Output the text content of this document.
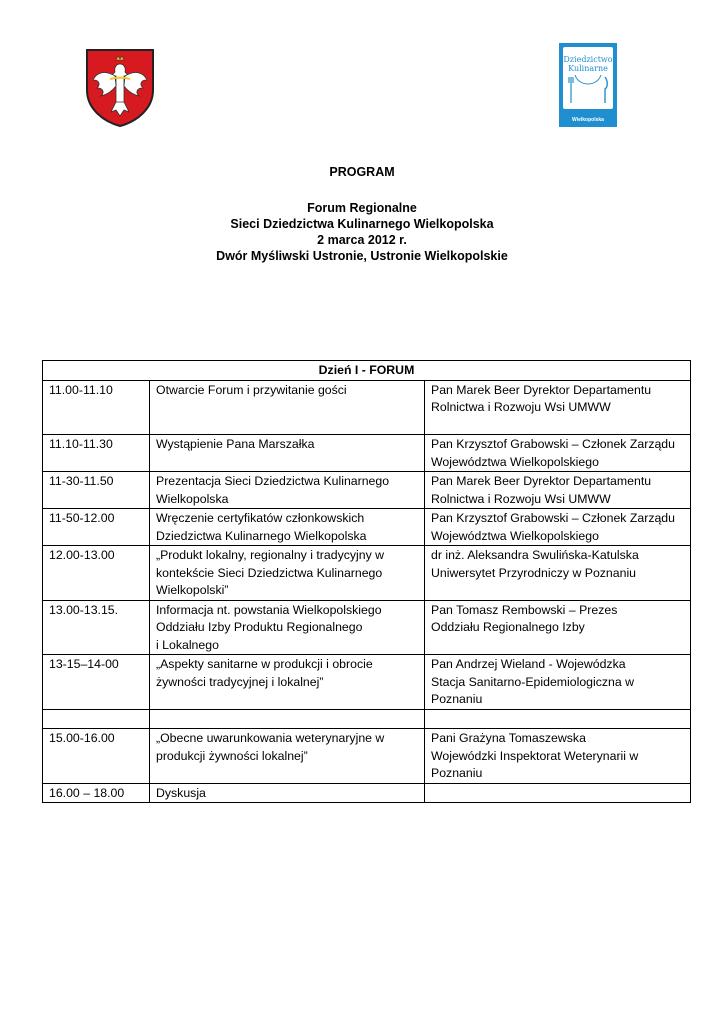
Dziedzictwo
Kulinarne
Wielkopolska
PROGRAM
Forum Regionalne
Sieci Dziedzictwa Kulinarnego Wielkopolska
2 marca 2012 r.
Dwór Myśliwski Ustronie, Ustronie Wielkopolskie
Dzień I - FORUM		

11.00-11.10	Otwarcie Forum i przywitanie gości	Pan Marek Beer Dyrektor Departamentu
Rolnictwa i Rozwoju Wsi UMWW

11.10-11.30	Wystąpienie Pana Marszałka	Pan Krzysztof Grabowski – Członek Zarządu
Województwa Wielkopolskiego

11-30-11.50	Prezentacja Sieci Dziedzictwa Kulinarnego
Wielkopolska	Pan Marek Beer Dyrektor Departamentu
Rolnictwa i Rozwoju Wsi UMWW

11-50-12.00	Wręczenie certyfikatów członkowskich
Dziedzictwa Kulinarnego Wielkopolska	Pan Krzysztof Grabowski – Członek Zarządu
Województwa Wielkopolskiego

12.00-13.00	„Produkt lokalny, regionalny i tradycyjny w
kontekście Sieci Dziedzictwa Kulinarnego
Wielkopolski”	dr inż. Aleksandra Swulińska-Katulska
Uniwersytet Przyrodniczy w Poznaniu

13.00-13.15.	Informacja nt. powstania Wielkopolskiego
Oddziału Izby Produktu Regionalnego
i Lokalnego	Pan Tomasz Rembowski – Prezes
Oddziału Regionalnego Izby

13-15–14-00	„Aspekty sanitarne w produkcji i obrocie
żywności tradycyjnej i lokalnej”	Pan Andrzej Wieland - Wojewódzka
Stacja Sanitarno-Epidemiologiczna w
Poznaniu

15.00-16.00	„Obecne uwarunkowania weterynaryjne w
produkcji żywności lokalnej”	Pani Grażyna Tomaszewska
Wojewódzki Inspektorat Weterynarii w
Poznaniu

16.00 – 18.00	Dyskusja
